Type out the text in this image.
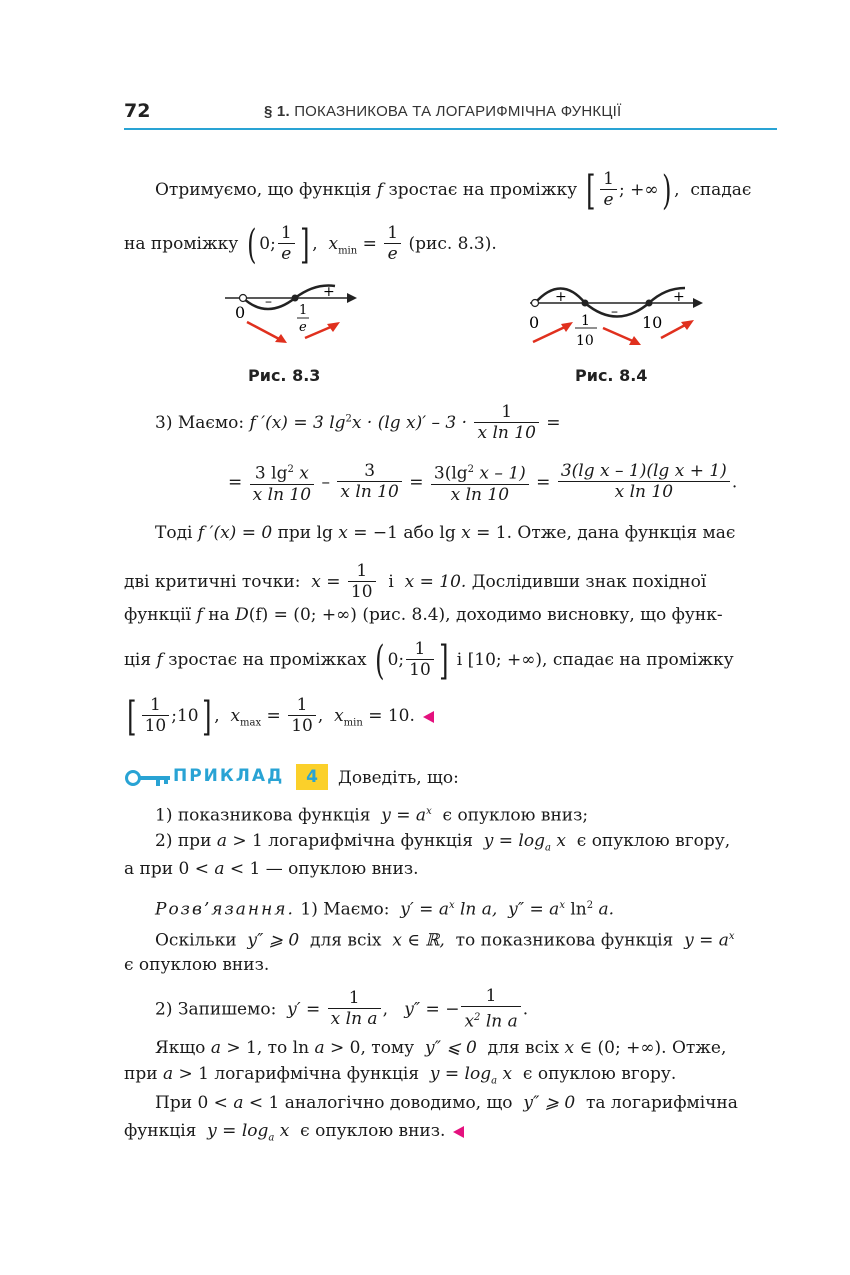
72	§ 1. ПОКАЗНИКОВА ТА ЛОГАРИФМІЧНА ФУНКЦІЇ
Отримуємо, що функція f зростає на проміжку [ $\frac{1}{e}$ ; +∞) ,  спадає
на проміжку ( 0; $\frac{1}{e}$ ] ,  $x_{min} = \frac{1}{e} (рис$. 8.3).
–
+
0	1
e
Рис. 8.3
+
–
+
0	1
10
10
Рис. 8.4
3) Маємо: f ′(x) = 3 $\lg^2x \cdot (\lg$ $x)' - 3 \cdot \frac{1}{\text{x ln 10}}$ =
= $\frac{3 \lg^2 x}{\text{x ln 10}} - \frac{3}{\text{x ln 10}} = \frac{3(\lg^2 x - 1)}{\text{x ln 10}} = \frac{\text{3(lg x – 1)(lg x + 1)}}{\text{x ln 10}}$ .
Тоді f ′(x) = 0 при lg x = −1 або lg x = 1. Отже, дана функція має
дві критичні точки: $x = \frac{1}{10}$ і x = 10. Дослідивши знак похідної
функції f на D(f) = (0; +∞) (рис. 8.4), доходимо висновку, що функ-
ція f зростає на проміжках ( 0; $\frac{1}{10}$ ] і [10; +∞), спадає на проміжку
[ $\frac{1}{10}$ ;10] ,  $x_{max} = \frac{1}{10}$ ,  $x_{min} = 10$.
ПРИКЛАД	4	Доведіть, що:
1) показникова функція $y = a^x$ є опуклою вниз;
2) при a > 1 логарифмічна функція $y = \log_a x$ є опуклою вгору,
а при 0 < a < 1 — опуклою вниз.
Розв’язання. 1) Маємо: $y' = a^x$ ln a, $y'' = a^x$ $\ln^2 a$.
Оскільки y″ ⩾ 0 для всіх x ∈ ℝ, то показникова функція $y = a^x$
є опуклою вниз.
2) Запишемо: $y' = \frac{1}{\text{x ln a}}$ ,   y″ = − $\frac{1}{x^2 \ln a}$ .
Якщо a > 1, то ln a > 0, тому y″ ⩽ 0 для всіх x ∈ (0; +∞). Отже,
при a > 1 логарифмічна функція $y = \log_a x$ є опуклою вгору.
При 0 < a < 1 аналогічно доводимо, що y″ ⩾ 0 та логарифмічна
функція $y = \log_a x$ є опуклою вниз.
